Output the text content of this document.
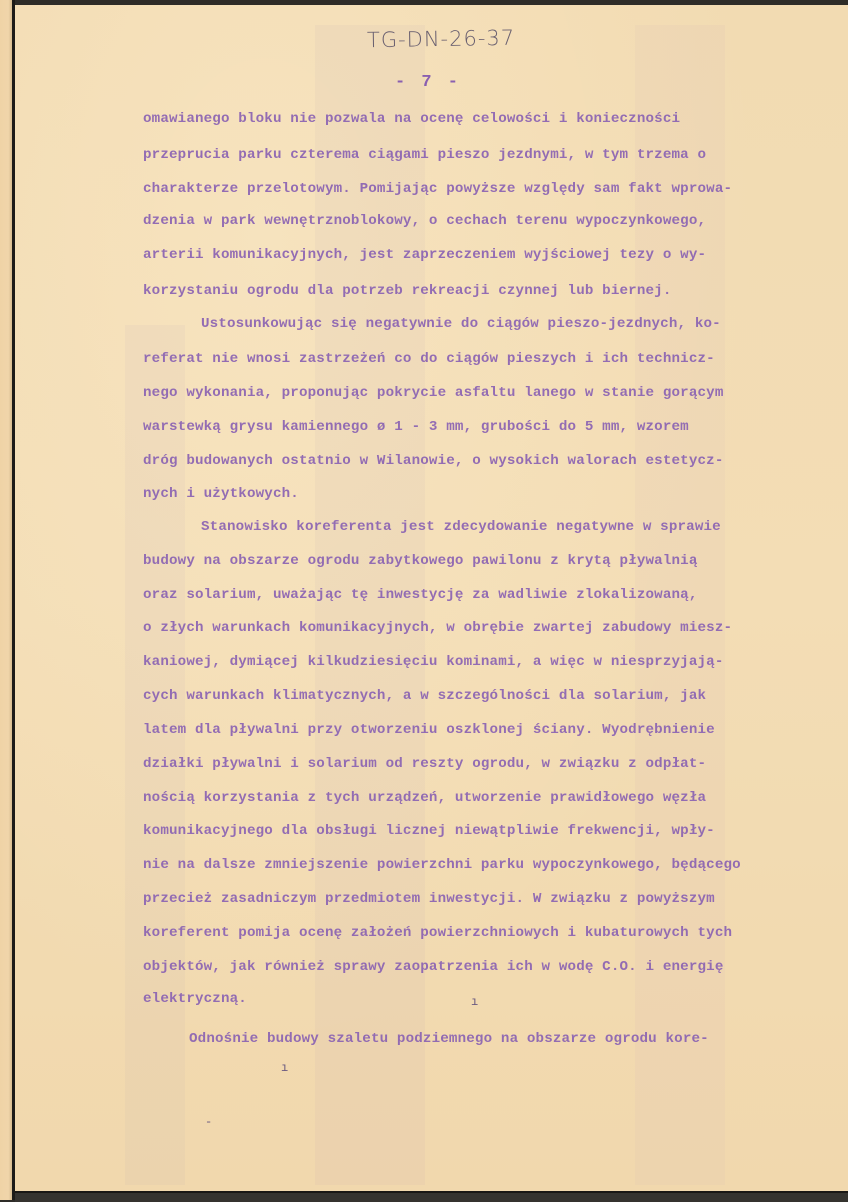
TG-DN-26-37
- 7 -
omawianego bloku nie pozwala na ocenę celowości i konieczności
przeprucia parku czterema ciągami pieszo jezdnymi, w tym trzema o
charakterze przelotowym. Pomijając powyższe względy sam fakt wprowa-
dzenia w park wewnętrznoblokowy, o cechach terenu wypoczynkowego,
arterii komunikacyjnych, jest zaprzeczeniem wyjściowej tezy o wy-
korzystaniu ogrodu dla potrzeb rekreacji czynnej lub biernej.
Ustosunkowując się negatywnie do ciągów pieszo-jezdnych, ko-
referat nie wnosi zastrzeżeń co do ciągów pieszych i ich technicz-
nego wykonania, proponując pokrycie asfaltu lanego w stanie gorącym
warstewką grysu kamiennego ø 1 - 3 mm, grubości do 5 mm, wzorem
dróg budowanych ostatnio w Wilanowie, o wysokich walorach estetycz-
nych i użytkowych.
Stanowisko koreferenta jest zdecydowanie negatywne w sprawie
budowy na obszarze ogrodu zabytkowego pawilonu z krytą pływalnią
oraz solarium, uważając tę inwestycję za wadliwie zlokalizowaną,
o złych warunkach komunikacyjnych, w obrębie zwartej zabudowy miesz-
kaniowej, dymiącej kilkudziesięciu kominami, a więc w niesprzyjają-
cych warunkach klimatycznych, a w szczególności dla solarium, jak
latem dla pływalni przy otworzeniu oszklonej ściany. Wyodrębnienie
działki pływalni i solarium od reszty ogrodu, w związku z odpłat-
nością korzystania z tych urządzeń, utworzenie prawidłowego węzła
komunikacyjnego dla obsługi licznej niewątpliwie frekwencji, wpły-
nie na dalsze zmniejszenie powierzchni parku wypoczynkowego, będącego
przecież zasadniczym przedmiotem inwestycji. W związku z powyższym
koreferent pomija ocenę założeń powierzchniowych i kubaturowych tych
objektów, jak również sprawy zaopatrzenia ich w wodę C.O. i energię
elektryczną.
Odnośnie budowy szaletu podziemnego na obszarze ogrodu kore-
ı
ı
-
